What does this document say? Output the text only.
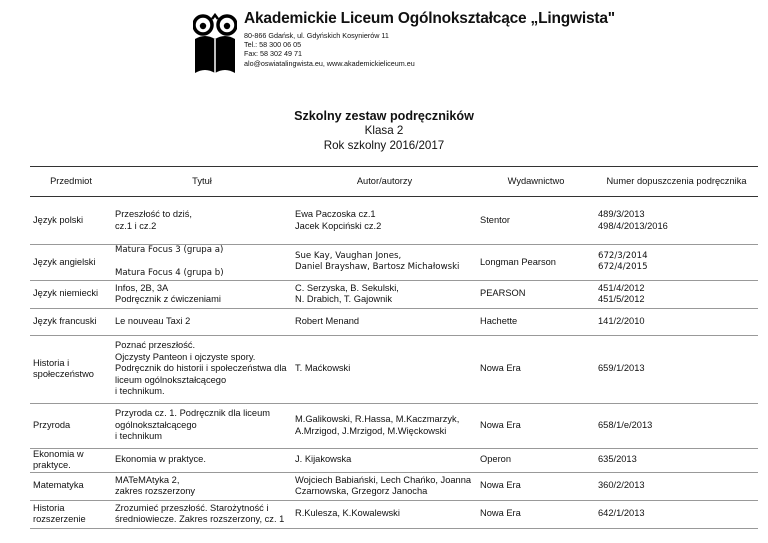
Akademickie Liceum Ogólnokształcące „Lingwista"

80-866 Gdańsk, ul. Gdyńskich Kosynierów 11

Tel.: 58 300 06 05

Fax: 58 302 49 71

alo@oswiatalingwista.eu, www.akademickieliceum.eu

Szkolny zestaw podręczników
Klasa 2
Rok szkolny 2016/2017
Przedmiot	Tytuł	Autor/autorzy	Wydawnictwo	Numer dopuszczenia podręcznika

Język polski	Przeszłość to dziś,
cz.1 i cz.2	Ewa Paczoska cz.1
Jacek Kopciński cz.2	Stentor	489/3/2013
498/4/2013/2016

Język angielski	Matura Focus 3 (grupa a)

Matura Focus 4 (grupa b)	Sue Kay, Vaughan Jones,
Daniel Brayshaw, Bartosz Michałowski	Longman Pearson	672/3/2014
672/4/2015

Język niemiecki	Infos, 2B, 3A
Podręcznik z ćwiczeniami	C. Serzyska, B. Sekulski,
N. Drabich, T. Gajownik	PEARSON	451/4/2012
451/5/2012

Język francuski	Le nouveau Taxi 2	Robert Menand	Hachette	141/2/2010

Historia i społeczeństwo	Poznać przeszłość.
Ojczysty Panteon i ojczyste spory.
Podręcznik do historii i społeczeństwa dla
liceum ogólnokształcącego
i technikum.	T. Maćkowski	Nowa Era	659/1/2013

Przyroda	Przyroda cz. 1. Podręcznik dla liceum
ogólnokształcącego
i technikum	M.Galikowski, R.Hassa, M.Kaczmarzyk,
A.Mrzigod, J.Mrzigod, M.Więckowski	Nowa Era	658/1/e/2013

Ekonomia w praktyce.	Ekonomia w praktyce.	J. Kijakowska	Operon	635/2013

Matematyka	MATeMAtyka 2,
zakres rozszerzony	Wojciech Babiański, Lech Chańko, Joanna
Czarnowska, Grzegorz Janocha	Nowa Era	360/2/2013

Historia rozszerzenie	Zrozumieć przeszłość. Starożytność i
średniowiecze. Zakres rozszerzony, cz. 1	R.Kulesza, K.Kowalewski	Nowa Era	642/1/2013
